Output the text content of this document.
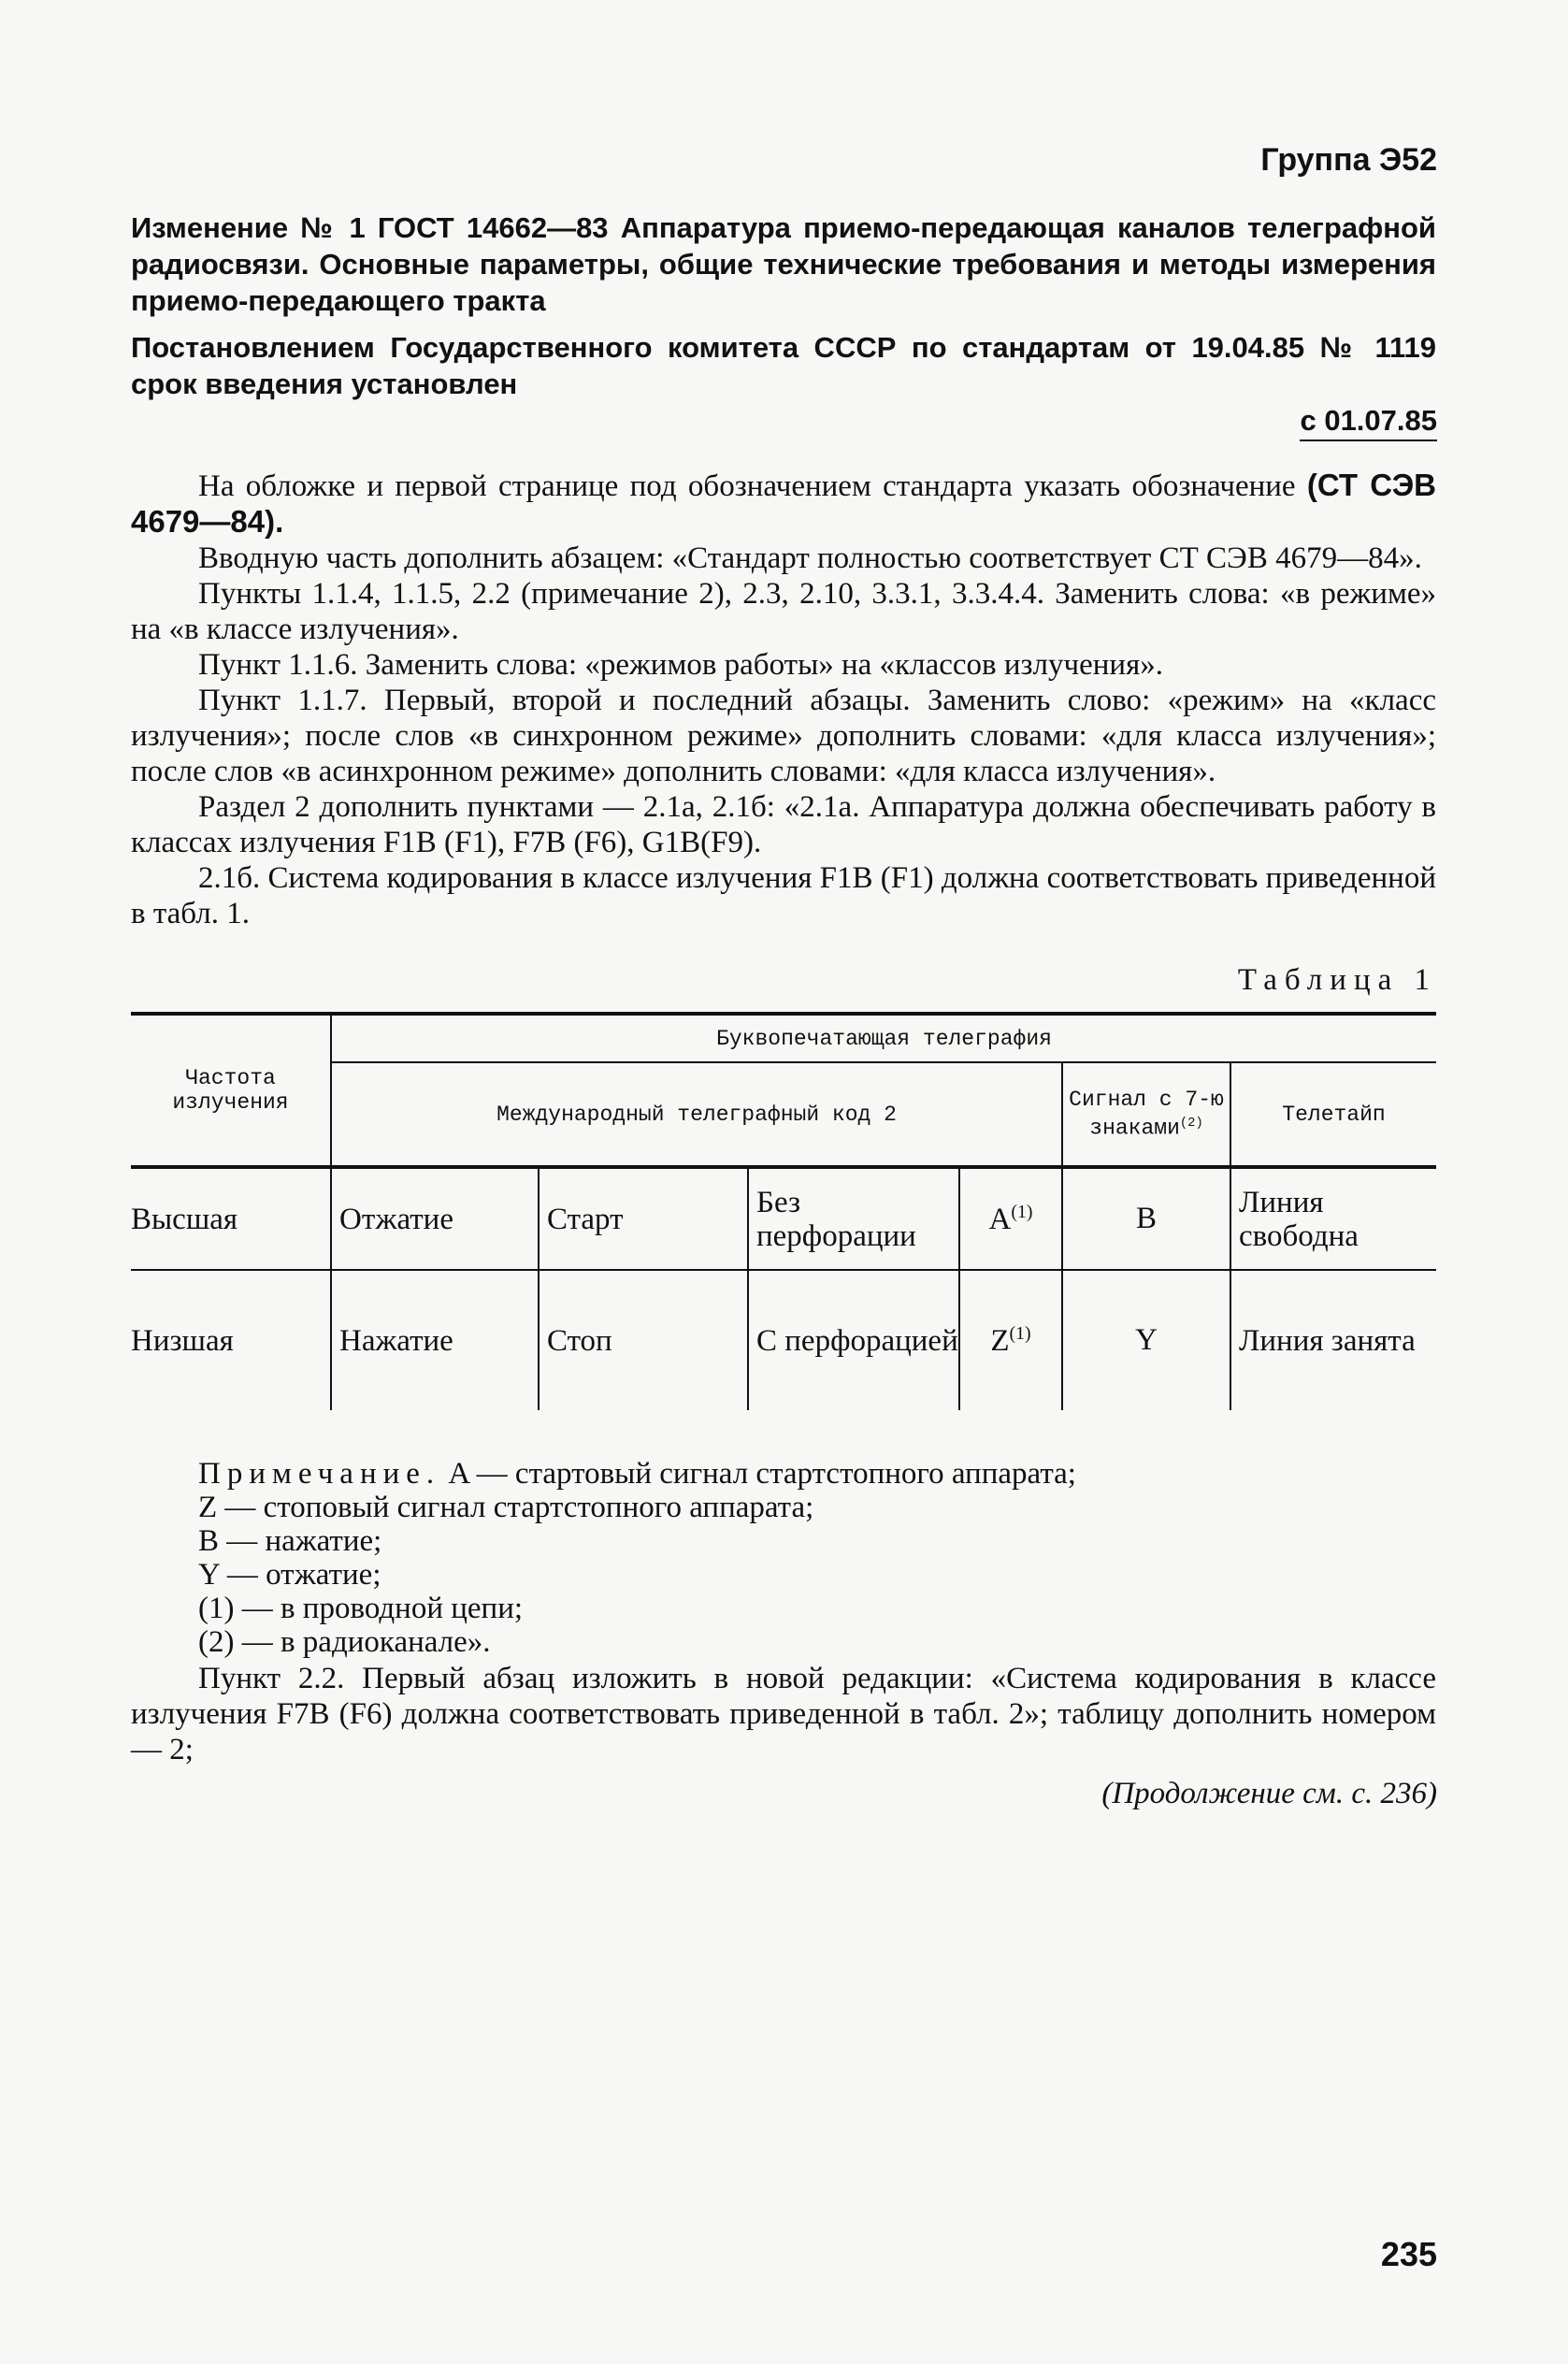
Группа Э52
Изменение № 1 ГОСТ 14662—83 Аппаратура приемо-передающая каналов телеграфной радиосвязи. Основные параметры, общие технические требования и методы измерения приемо-передающего тракта
Постановлением Государственного комитета СССР по стандартам от 19.04.85 № 1119 срок введения установлен
с 01.07.85

На обложке и первой странице под обозначением стандарта указать обозначение (СТ СЭВ 4679—84).

Вводную часть дополнить абзацем: «Стандарт полностью соответствует СТ СЭВ 4679—84».

Пункты 1.1.4, 1.1.5, 2.2 (примечание 2), 2.3, 2.10, 3.3.1, 3.3.4.4. Заменить слова: «в режиме» на «в классе излучения».

Пункт 1.1.6. Заменить слова: «режимов работы» на «классов излучения».

Пункт 1.1.7. Первый, второй и последний абзацы. Заменить слово: «режим» на «класс излучения»; после слов «в синхронном режиме» дополнить словами: «для класса излучения»; после слов «в асинхронном режиме» дополнить словами: «для класса излучения».

Раздел 2 дополнить пунктами — 2.1а, 2.1б: «2.1а. Аппаратура должна обеспечивать работу в классах излучения F1B (F1), F7B (F6), G1B(F9).

2.1б. Система кодирования в классе излучения F1B (F1) должна соответствовать приведенной в табл. 1.

Таблица 1
Частота излучения	Буквопечатающая телеграфия					
	Международный телеграфный код 2				Сигнал с 7-ю знаками$^{(2)}$	Телетайп
Высшая	Отжатие	Старт	Без перфорации	$A^{(1)}$	B	Линия свободна
Низшая	Нажатие	Стоп	С перфорацией	$Z^{(1)}$	Y	Линия занята
Примечание. A — стартовый сигнал стартстопного аппарата;
Z — стоповый сигнал стартстопного аппарата;
B — нажатие;
Y — отжатие;
(1) — в проводной цепи;
(2) — в радиоканале».

Пункт 2.2. Первый абзац изложить в новой редакции: «Система кодирования в классе излучения F7B (F6) должна соответствовать приведенной в табл. 2»; таблицу дополнить номером — 2;

(Продолжение см. с. 236)
235
